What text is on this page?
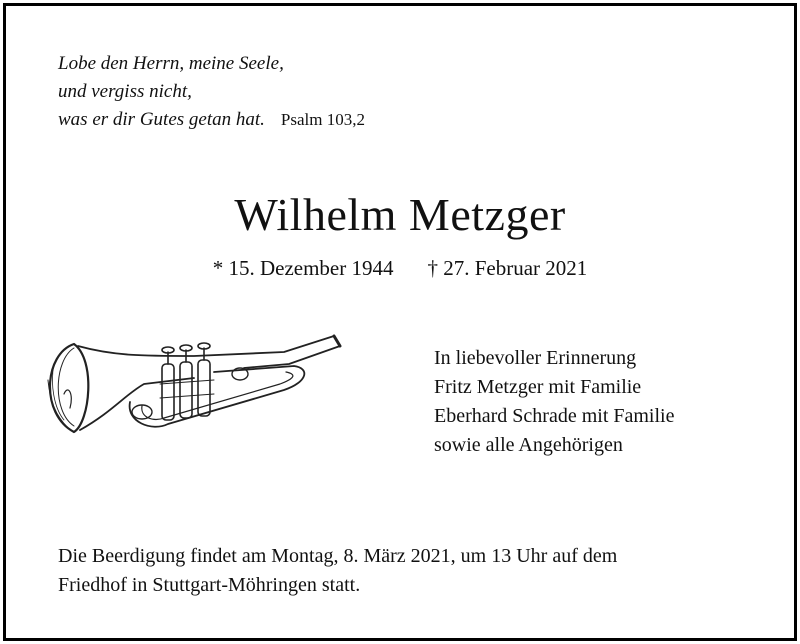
Lobe den Herrn, meine Seele,
und vergiss nicht,
was er dir Gutes getan hat. Psalm 103,2
Wilhelm Metzger
* 15. Dezember 1944 † 27. Februar 2021
In liebevoller Erinnerung
Fritz Metzger mit Familie
Eberhard Schrade mit Familie
sowie alle Angehörigen
Die Beerdigung findet am Montag, 8. März 2021, um 13 Uhr auf dem
Friedhof in Stuttgart-Möhringen statt.
